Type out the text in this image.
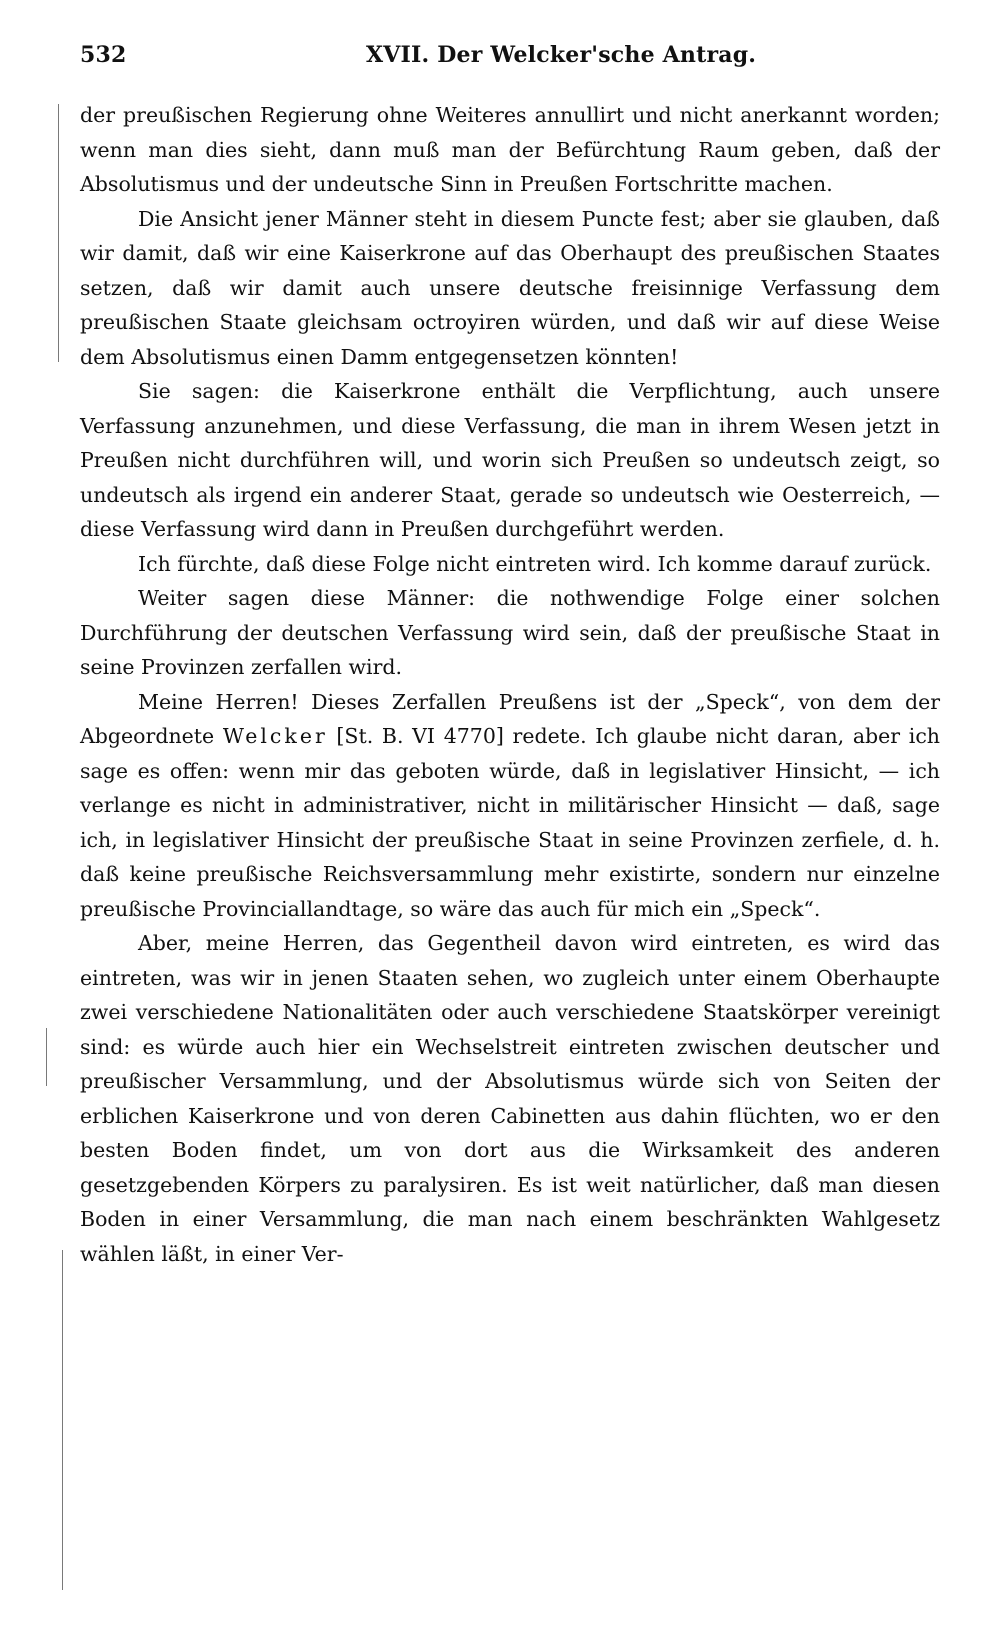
532	XVII. Der Welcker'sche Antrag.

der preußischen Regierung ohne Weiteres annullirt und nicht anerkannt worden; wenn man dies sieht, dann muß man der Befürchtung Raum geben, daß der Absolutismus und der undeutsche Sinn in Preußen Fortschritte machen.

Die Ansicht jener Männer steht in diesem Puncte fest; aber sie glauben, daß wir damit, daß wir eine Kaiserkrone auf das Oberhaupt des preußischen Staates setzen, daß wir damit auch unsere deutsche freisinnige Verfassung dem preußischen Staate gleichsam octroyiren würden, und daß wir auf diese Weise dem Absolutismus einen Damm entgegensetzen könnten!

Sie sagen: die Kaiserkrone enthält die Verpflichtung, auch unsere Verfassung anzunehmen, und diese Verfassung, die man in ihrem Wesen jetzt in Preußen nicht durchführen will, und worin sich Preußen so undeutsch zeigt, so undeutsch als irgend ein anderer Staat, gerade so undeutsch wie Oesterreich, — diese Verfassung wird dann in Preußen durchgeführt werden.

Ich fürchte, daß diese Folge nicht eintreten wird. Ich komme darauf zurück.

Weiter sagen diese Männer: die nothwendige Folge einer solchen Durchführung der deutschen Verfassung wird sein, daß der preußische Staat in seine Provinzen zerfallen wird.

Meine Herren! Dieses Zerfallen Preußens ist der „Speck“, von dem der Abgeordnete Welcker [St. B. VI 4770] redete. Ich glaube nicht daran, aber ich sage es offen: wenn mir das geboten würde, daß in legislativer Hinsicht, — ich verlange es nicht in administrativer, nicht in militärischer Hinsicht — daß, sage ich, in legislativer Hinsicht der preußische Staat in seine Provinzen zerfiele, d. h. daß keine preußische Reichsversammlung mehr existirte, sondern nur einzelne preußische Provinciallandtage, so wäre das auch für mich ein „Speck“.

Aber, meine Herren, das Gegentheil davon wird eintreten, es wird das eintreten, was wir in jenen Staaten sehen, wo zugleich unter einem Oberhaupte zwei verschiedene Nationalitäten oder auch verschiedene Staatskörper vereinigt sind: es würde auch hier ein Wechselstreit eintreten zwischen deutscher und preußischer Versammlung, und der Absolutismus würde sich von Seiten der erblichen Kaiserkrone und von deren Cabinetten aus dahin flüchten, wo er den besten Boden findet, um von dort aus die Wirksamkeit des anderen gesetzgebenden Körpers zu paralysiren. Es ist weit natürlicher, daß man diesen Boden in einer Versammlung, die man nach einem beschränkten Wahlgesetz wählen läßt, in einer Ver-
